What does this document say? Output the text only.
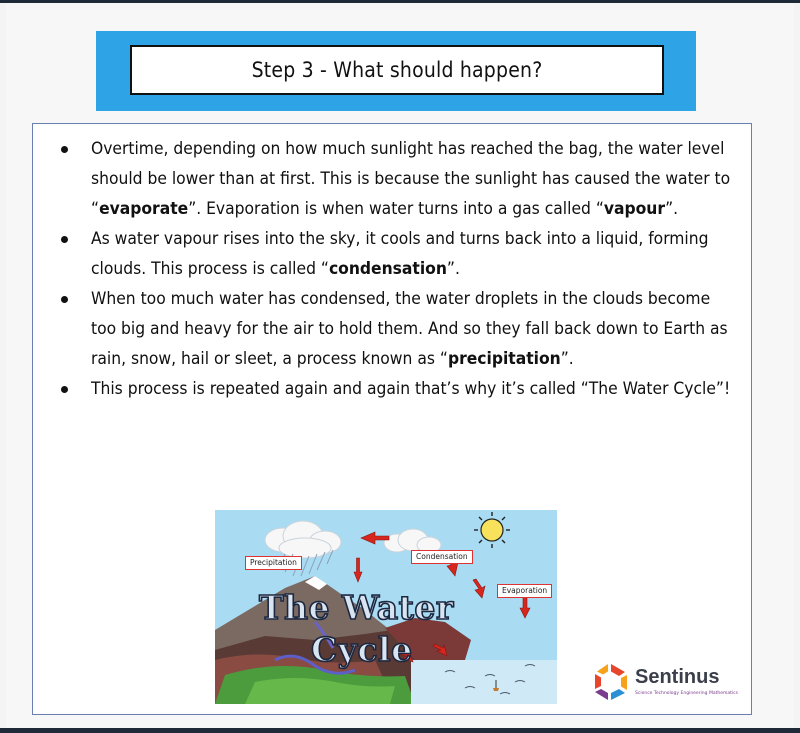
Step 3 - What should happen?
Overtime, depending on how much sunlight has reached the bag, the water level should be lower than at first. This is because the sunlight has caused the water to “evaporate”. Evaporation is when water turns into a gas called “vapour”.
As water vapour rises into the sky, it cools and turns back into a liquid, forming clouds. This process is called “condensation”.
When too much water has condensed, the water droplets in the clouds become too big and heavy for the air to hold them. And so they fall back down to Earth as rain, snow, hail or sleet, a process known as “precipitation”.
This process is repeated again and again that’s why it’s called “The Water Cycle”!
Precipitation
Condensation
Evaporation
The Water
Cycle
Sentinus
Science Technology Engineering Mathematics
